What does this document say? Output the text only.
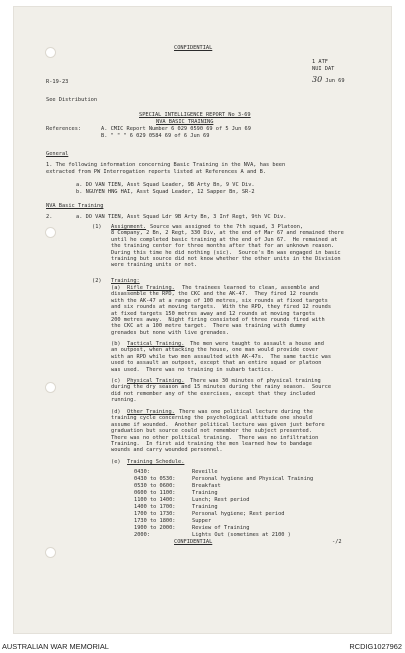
CONFIDENTIAL
1 ATF
NUI DAT
R-19-23	30 Jun 69
See Distribution
SPECIAL INTELLIGENCE REPORT No 3-69
NVA BASIC TRAINING
References:	A. CMIC Report Number 6 029 0590 69 of 5 Jun 69
B. " " " 6 029 0584 69 of 6 Jun 69
General
1. The following information concerning Basic Training in the NVA, has been
extracted from PW Interrogation reports listed at References A and B.
a. DO VAN TIEN, Asst Squad Leader, 9B Arty Bn, 9 VC Div.
b. NGUYEN HNG HAI, Asst Squad Leader, 12 Sapper Bn, SR-2
NVA Basic Training
2.	a. DO VAN TIEN, Asst Squad Ldr 9B Arty Bn, 3 Inf Regt, 9th VC Div.
(1) Assignment. Source was assigned to the 7th squad, 3 Platoon,
8 Company, 2 Bn, 2 Regt, 330 Div, at the end of Mar 67 and remained there
until he completed basic training at the end of Jun 67.  He remained at
the training center for three months after that for an unknown reason.
During this time he did nothing (sic).  Source's Bn was engaged in basic
training but source did not know whether the other units in the Division
were training units or not.
(2) Training:
(a) Rifle Training.	The trainees learned to clean, assemble and
disassemble the RPD, the CKC and the AK-47.  They fired 12 rounds
with the AK-47 at a range of 100 metres, six rounds at fixed targets
and six rounds at moving targets.  With the RPD, they fired 12 rounds
at fixed targets 150 metres away and 12 rounds at moving targets
200 metres away.  Night firing consisted of three rounds fired with
the CKC at a 100 metre target.  There was training with dummy
grenades but none with live grenades.
(b) Tactical Training.	The men were taught to assault a house and
an outpost, when attacking the house, one man would provide cover
with an RPD while two men assaulted with AK-47s.  The same tactic was
used to assault an outpost, except that an entire squad or platoon
was used.  There was no training in subarb tactics.
(c) Physical Training.	There was 30 minutes of physical training
during the dry season and 15 minutes during the rainy season.  Source
did not remember any of the exercises, except that they included
running.
(d) Other Training. There was one political lecture during the
training cycle concerning the psychological attitude one should
assume if wounded.  Another political lecture was given just before
graduation but source could not remember the subject presented.
There was no other political training.  There was no infiltration
Training.  In first aid training the men learned how to bandage
wounds and carry wounded personnel.
(e) Training Schedule.
0430:	Reveille
0430 to 0530:	Personal hygiene and Physical Training
0530 to 0600:	Breakfast
0600 to 1100:	Training
1100 to 1400:	Lunch; Rest period
1400 to 1700:	Training
1700 to 1730:	Personal hygiene; Rest period
1730 to 1800:	Supper
1900 to 2000:	Review of Training
2000:	Lights Out (sometimes at 2100 )
CONFIDENTIAL	-/2
AUSTRALIAN WAR MEMORIAL	RCDIG1027962
